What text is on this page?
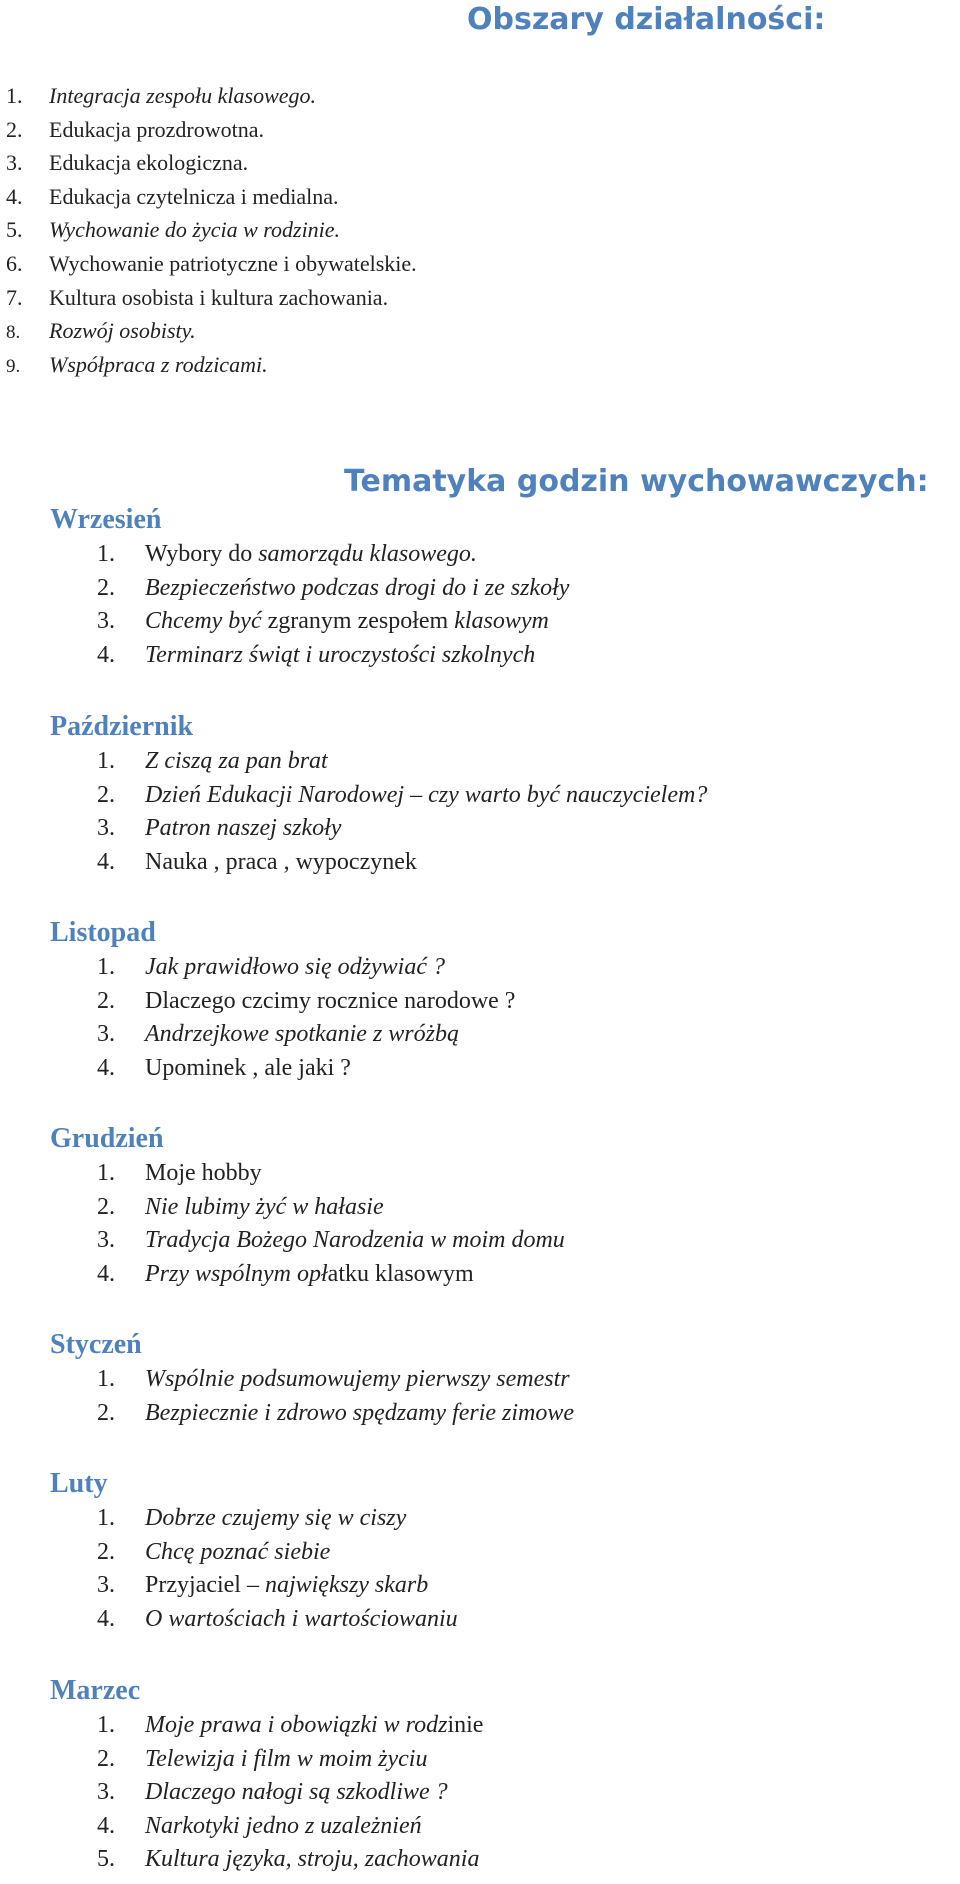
Obszary działalności:
1. Integracja zespołu klasowego.
2. Edukacja prozdrowotna.
3. Edukacja ekologiczna.
4. Edukacja czytelnicza i medialna.
5. Wychowanie do życia w rodzinie.
6. Wychowanie patriotyczne i obywatelskie.
7. Kultura osobista i kultura zachowania.
8. Rozwój osobisty.
9. Współpraca z rodzicami.
Tematyka godzin wychowawczych:
Wrzesień
1. Wybory do samorządu klasowego.
2. Bezpieczeństwo podczas drogi do i ze szkoły
3. Chcemy być zgranym zespołem klasowym
4. Terminarz świąt i uroczystości szkolnych
Październik
1. Z ciszą za pan brat
2. Dzień Edukacji Narodowej – czy warto być nauczycielem?
3. Patron naszej szkoły
4. Nauka , praca , wypoczynek
Listopad
1. Jak prawidłowo się odżywiać ?
2. Dlaczego czcimy rocznice narodowe ?
3. Andrzejkowe spotkanie z wróżbą
4. Upominek , ale jaki ?
Grudzień
1. Moje hobby
2. Nie lubimy żyć w hałasie
3. Tradycja Bożego Narodzenia w moim domu
4. Przy wspólnym opłatku klasowym
Styczeń
1. Wspólnie podsumowujemy pierwszy semestr
2. Bezpiecznie i zdrowo spędzamy ferie zimowe
Luty
1. Dobrze czujemy się w ciszy
2. Chcę poznać siebie
3. Przyjaciel – największy skarb
4. O wartościach i wartościowaniu
Marzec
1. Moje prawa i obowiązki w rodzinie
2. Telewizja i film w moim życiu
3. Dlaczego nałogi są szkodliwe ?
4. Narkotyki jedno z uzależnień
5. Kultura języka, stroju, zachowania
